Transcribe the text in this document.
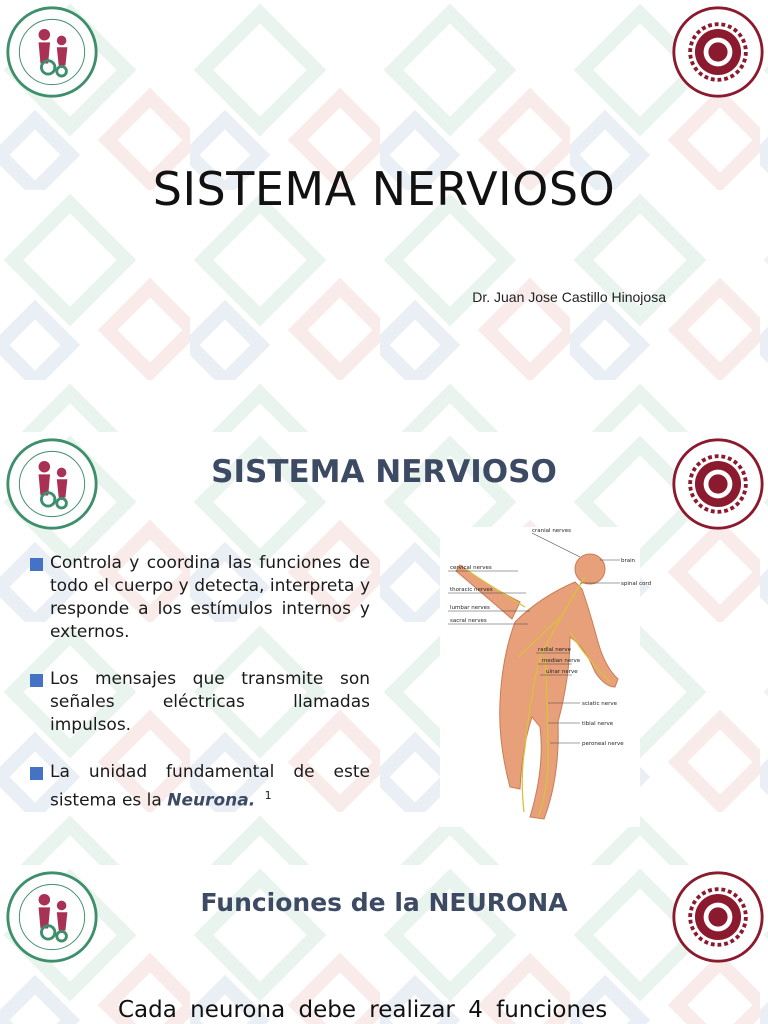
SISTEMA NERVIOSO
Dr. Juan Jose Castillo Hinojosa
SISTEMA NERVIOSO
Controla y coordina las funciones de todo el cuerpo y detecta, interpreta y responde a los estímulos internos y externos.
Los mensajes que transmite son señales eléctricas llamadas impulsos.
La unidad fundamental de este sistema es la Neurona. $^1$
cranial nerves
brain
cervical nerves
spinal cord
thoracic nerves
lumbar nerves
sacral nerves
radial nerve
median nerve
ulnar nerve
sciatic nerve
tibial nerve
peroneal nerve
Funciones de la NEURONA
Cada neurona debe realizar 4 funciones
